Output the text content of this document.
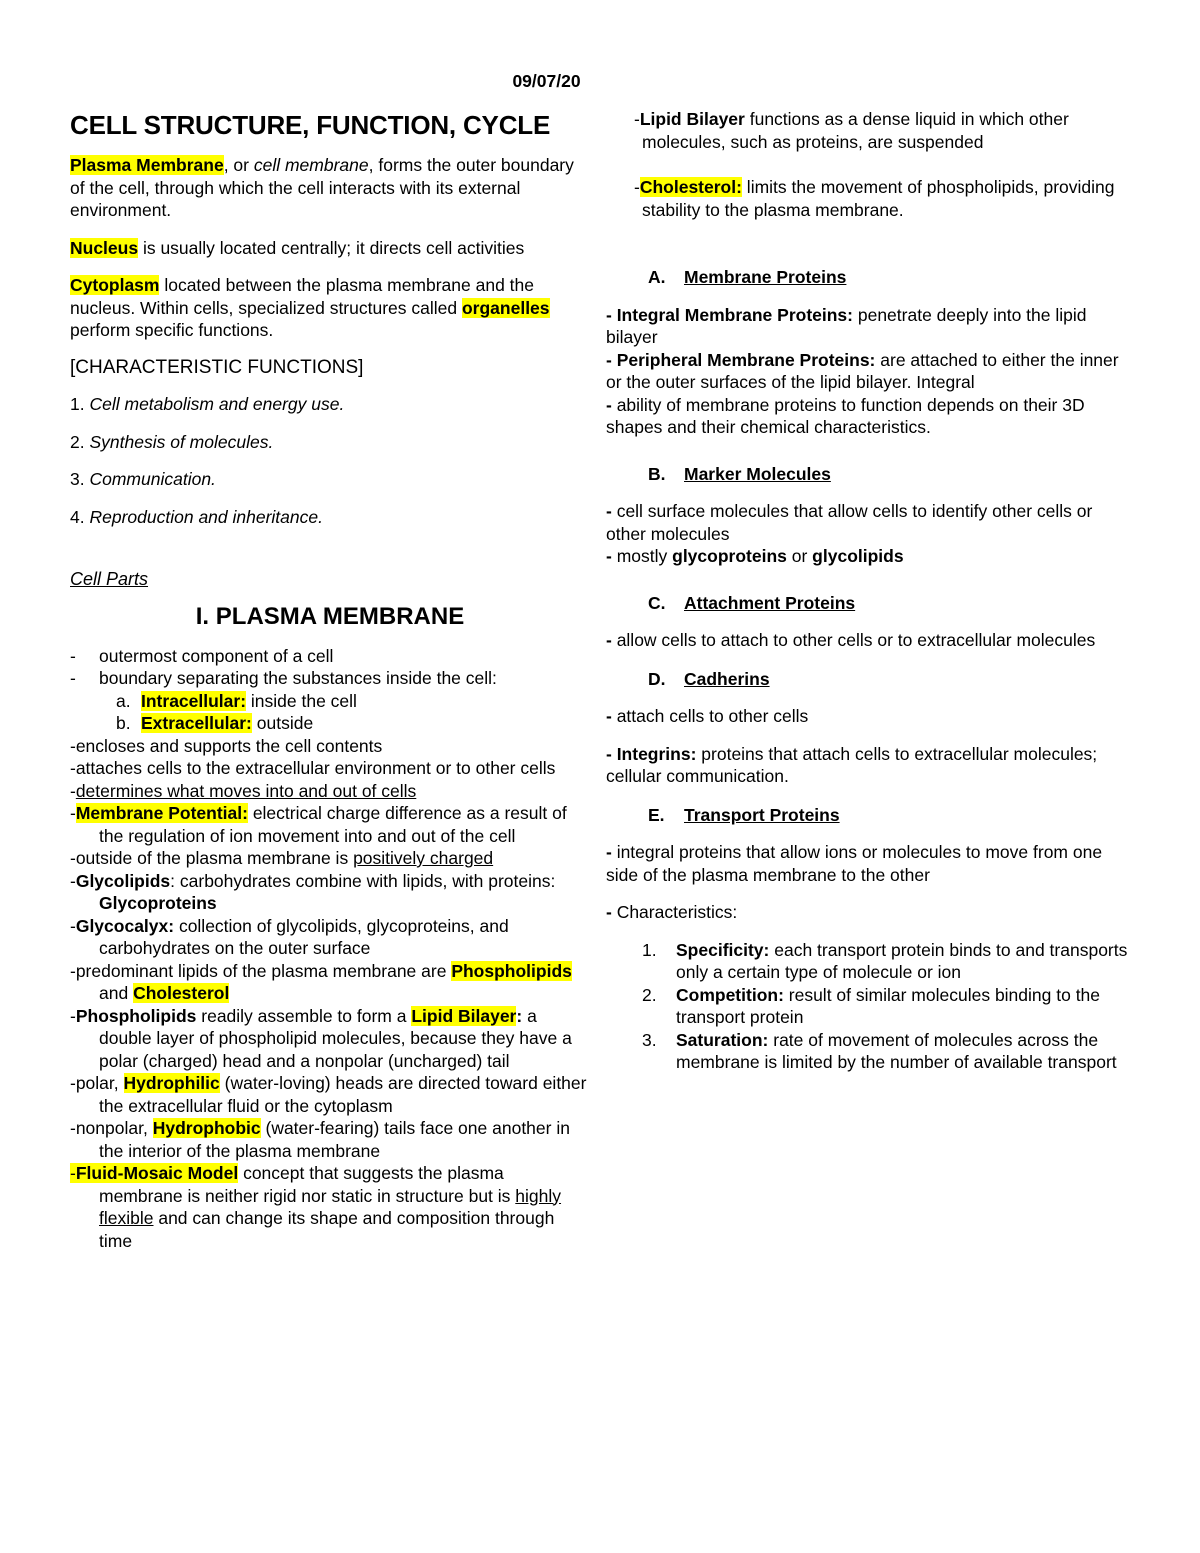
09/07/20
CELL STRUCTURE, FUNCTION, CYCLE

Plasma Membrane, or cell membrane, forms the outer boundary of the cell, through which the cell interacts with its external environment.

Nucleus is usually located centrally; it directs cell activities

Cytoplasm located between the plasma membrane and the nucleus. Within cells, specialized structures called organelles perform specific functions.

[CHARACTERISTIC FUNCTIONS]

1. Cell metabolism and energy use.

2. Synthesis of molecules.

3. Communication.

4. Reproduction and inheritance.

Cell Parts

I. PLASMA MEMBRANE
- outermost component of a cell
- boundary separating the substances inside the cell:
a. Intracellular: inside the cell
b. Extracellular: outside

-encloses and supports the cell contents

-attaches cells to the extracellular environment or to other cells

-determines what moves into and out of cells

-Membrane Potential: electrical charge difference as a result of the regulation of ion movement into and out of the cell

-outside of the plasma membrane is positively charged

-Glycolipids: carbohydrates combine with lipids, with proteins: Glycoproteins

-Glycocalyx: collection of glycolipids, glycoproteins, and carbohydrates on the outer surface

-predominant lipids of the plasma membrane are Phospholipids and Cholesterol

-Phospholipids readily assemble to form a Lipid Bilayer: a double layer of phospholipid molecules, because they have a polar (charged) head and a nonpolar (uncharged) tail

-polar, Hydrophilic (water-loving) heads are directed toward either the extracellular fluid or the cytoplasm

-nonpolar, Hydrophobic (water-fearing) tails face one another in the interior of the plasma membrane

-Fluid-Mosaic Model concept that suggests the plasma membrane is neither rigid nor static in structure but is highly flexible and can change its shape and composition through time

-Lipid Bilayer functions as a dense liquid in which other molecules, such as proteins, are suspended

-Cholesterol: limits the movement of phospholipids, providing stability to the plasma membrane.

A. Membrane Proteins

- Integral Membrane Proteins: penetrate deeply into the lipid bilayer

- Peripheral Membrane Proteins: are attached to either the inner or the outer surfaces of the lipid bilayer. Integral

- ability of membrane proteins to function depends on their 3D shapes and their chemical characteristics.

B. Marker Molecules

- cell surface molecules that allow cells to identify other cells or other molecules

- mostly glycoproteins or glycolipids

C. Attachment Proteins

- allow cells to attach to other cells or to extracellular molecules

D. Cadherins

- attach cells to other cells

- Integrins: proteins that attach cells to extracellular molecules; cellular communication.

E. Transport Proteins

- integral proteins that allow ions or molecules to move from one side of the plasma membrane to the other

- Characteristics:

1. Specificity: each transport protein binds to and transports only a certain type of molecule or ion
2. Competition: result of similar molecules binding to the transport protein
3. Saturation: rate of movement of molecules across the membrane is limited by the number of available transport
